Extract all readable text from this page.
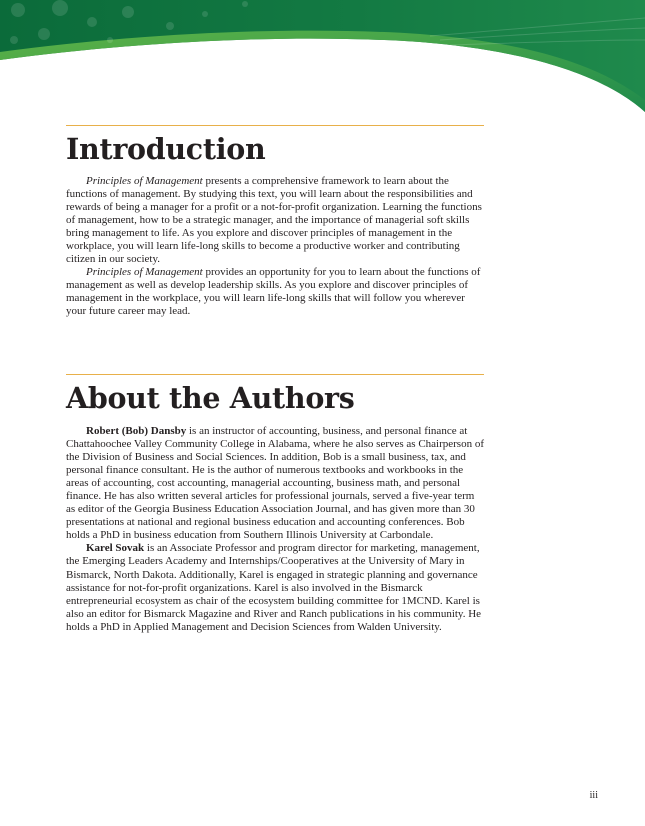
Introduction

Principles of Management presents a comprehensive framework to learn about the functions of management. By studying this text, you will learn about the responsibilities and rewards of being a manager for a profit or a not-for-profit organization. Learning the functions of management, how to be a strategic manager, and the importance of managerial soft skills bring management to life. As you explore and discover principles of management in the workplace, you will learn life-long skills to become a productive worker and contributing citizen in our society.

Principles of Management provides an opportunity for you to learn about the functions of management as well as develop leadership skills. As you explore and discover principles of management in the workplace, you will learn life-long skills that will follow you wherever your future career may lead.

About the Authors

Robert (Bob) Dansby is an instructor of accounting, business, and personal finance at Chattahoochee Valley Community College in Alabama, where he also serves as Chairperson of the Division of Business and Social Sciences. In addition, Bob is a small business, tax, and personal finance consultant. He is the author of numerous textbooks and workbooks in the areas of accounting, cost accounting, managerial accounting, business math, and personal finance. He has also written several articles for professional journals, served a five-year term as editor of the Georgia Business Education Association Journal, and has given more than 30 presentations at national and regional business education and accounting conferences. Bob holds a PhD in business education from Southern Illinois University at Carbondale.

Karel Sovak is an Associate Professor and program director for marketing, management, the Emerging Leaders Academy and Internships/Cooperatives at the University of Mary in Bismarck, North Dakota. Additionally, Karel is engaged in strategic planning and governance assistance for not-for-profit organizations. Karel is also involved in the Bismarck entrepreneurial ecosystem as chair of the ecosystem building committee for 1MCND. Karel is also an editor for Bismarck Magazine and River and Ranch publications in his community. He holds a PhD in Applied Management and Decision Sciences from Walden University.

iii
